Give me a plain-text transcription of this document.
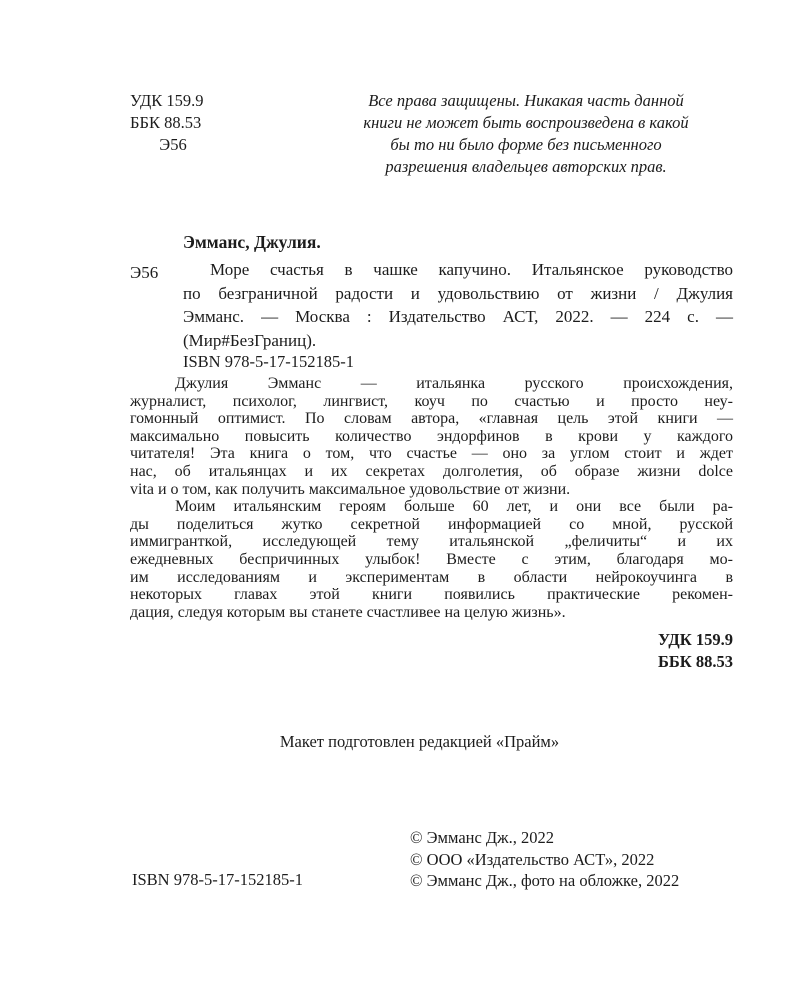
УДК 159.9
ББК 88.53
Э56
Все права защищены. Никакая часть данной
книги не может быть воспроизведена в какой
бы то ни было форме без письменного
разрешения владельцев авторских прав.
Эмманс, Джулия.
Э56	Море счастья в чашке капучино. Итальянское руководство
по безграничной радости и удовольствию от жизни / Джулия
Эмманс. — Москва : Издательство АСТ, 2022. — 224 с. —
(Мир#БезГраниц).
ISBN 978-5-17-152185-1
Джулия Эмманс — итальянка русского происхождения,
журналист, психолог, лингвист, коуч по счастью и просто неу-
гомонный оптимист. По словам автора, «главная цель этой книги —
максимально повысить количество эндорфинов в крови у каждого
читателя! Эта книга о том, что счастье — оно за углом стоит и ждет
нас, об итальянцах и их секретах долголетия, об образе жизни dolce
vita и о том, как получить максимальное удовольствие от жизни.
Моим итальянским героям больше 60 лет, и они все были ра-
ды поделиться жутко секретной информацией со мной, русской
иммигранткой, исследующей тему итальянской „феличиты“ и их
ежедневных беспричинных улыбок! Вместе с этим, благодаря мо-
им исследованиям и экспериментам в области нейрокоучинга в
некоторых главах этой книги появились практические рекомен-
дация, следуя которым вы станете счастливее на целую жизнь».
УДК 159.9
ББК 88.53
Макет подготовлен редакцией «Прайм»
© Эмманс Дж., 2022
© ООО «Издательство АСТ», 2022
© Эмманс Дж., фото на обложке, 2022
ISBN 978-5-17-152185-1
